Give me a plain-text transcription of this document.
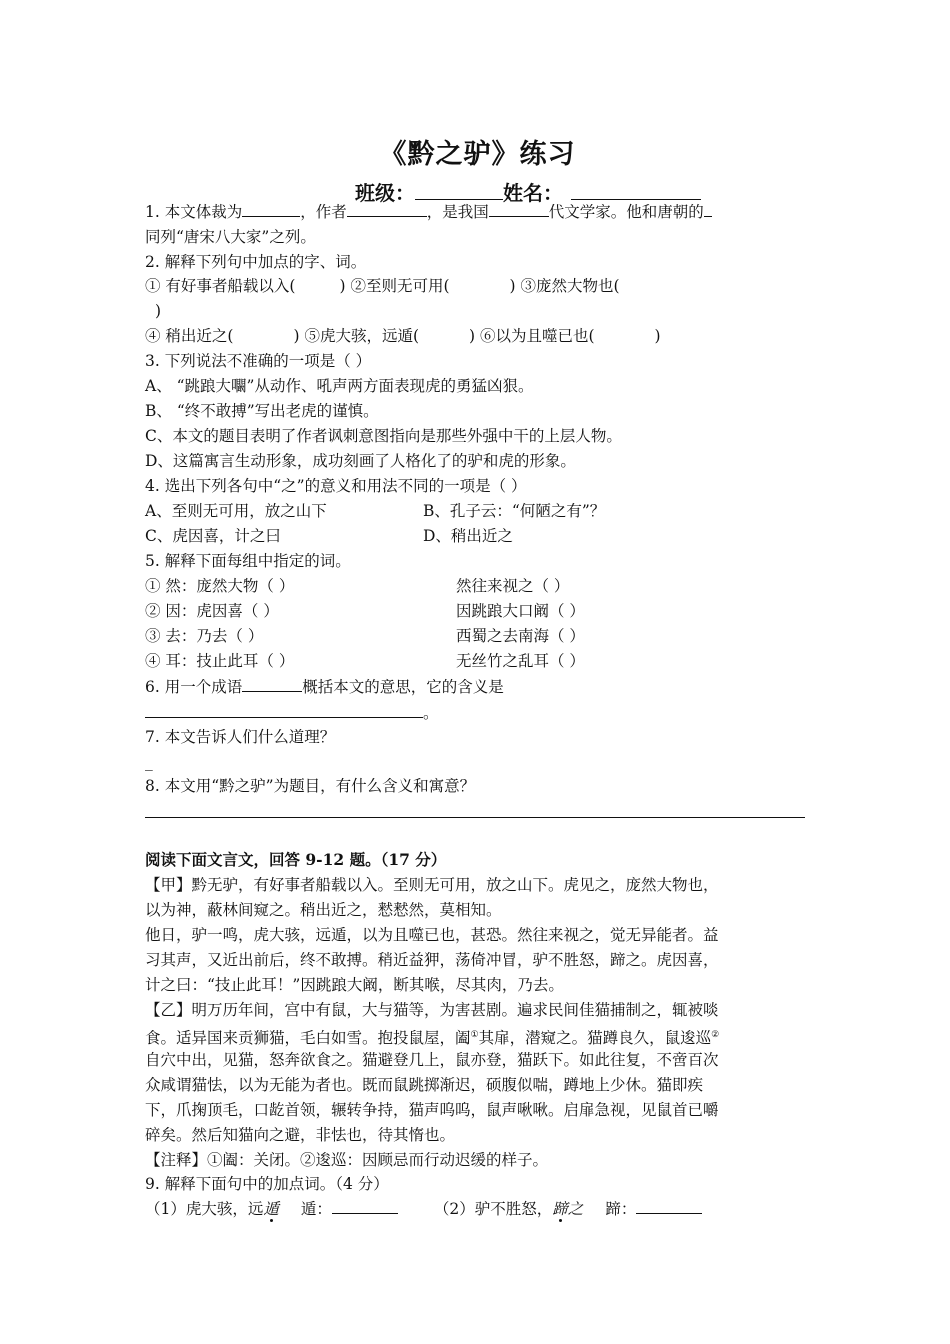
《黔之驴》练习
班级：	姓名：
1. 本文体裁为	，作者	，是我国	代文学家。他和唐朝的
同列“唐宋八大家”之列。
2. 解释下列句中加点的字、词。
① 有好事者船载以入(	) ②至则无可用(	) ③庞然大物也(
)
④ 稍出近之(	) ⑤虎大骇，远遁(	) ⑥以为且噬已也(	)
3. 下列说法不准确的一项是（ ）
A、 “跳踉大㘚”从动作、吼声两方面表现虎的勇猛凶狠。
B、 “终不敢搏”写出老虎的谨慎。
C、本文的题目表明了作者讽刺意图指向是那些外强中干的上层人物。
D、这篇寓言生动形象，成功刻画了人格化了的驴和虎的形象。
4. 选出下列各句中“之”的意义和用法不同的一项是（ ）
A、至则无可用，放之山下	B、孔子云：“何陋之有”？
C、虎因喜，计之曰	D、稍出近之
5. 解释下面每组中指定的词。
① 然：庞然大物（ ）	然往来视之（ ）
② 因：虎因喜（ ）	因跳踉大口阚（ ）
③ 去：乃去（ ）	西蜀之去南海（ ）
④ 耳：技止此耳（ ）	无丝竹之乱耳（ ）
6. 用一个成语	概括本文的意思，它的含义是
。
7. 本文告诉人们什么道理？
_
8. 本文用“黔之驴”为题目，有什么含义和寓意？
阅读下面文言文，回答 9-12 题。（17 分）
【甲】黔无驴，有好事者船载以入。至则无可用，放之山下。虎见之，庞然大物也，
以为神，蔽林间窥之。稍出近之，慭慭然，莫相知。
他日，驴一鸣，虎大骇，远遁，以为且噬已也，甚恐。然往来视之，觉无异能者。益
习其声，又近出前后，终不敢搏。稍近益狎，荡倚冲冒，驴不胜怒，蹄之。虎因喜，
计之曰：“技止此耳！”因跳踉大阚，断其喉，尽其肉，乃去。
【乙】明万历年间，宫中有鼠，大与猫等，为害甚剧。遍求民间佳猫捕制之，辄被啖
食。适异国来贡狮猫，毛白如雪。抱投鼠屋，阖①其扉，潜窥之。猫蹲良久，鼠逡巡②
自穴中出，见猫，怒奔欲食之。猫避登几上，鼠亦登，猫跃下。如此往复，不啻百次
众咸谓猫怯，以为无能为者也。既而鼠跳掷渐迟，硕腹似喘，蹲地上少休。猫即疾
下，爪掬顶毛，口龁首领，辗转争持，猫声呜呜，鼠声啾啾。启扉急视，见鼠首已嚼
碎矣。然后知猫向之避，非怯也，待其惰也。
【注释】①阖：关闭。②逡巡：因顾忌而行动迟缓的样子。
9. 解释下面句中的加点词。（4 分）
（1）虎大骇，远遁 遁：	（2）驴不胜怒，蹄之 蹄：
